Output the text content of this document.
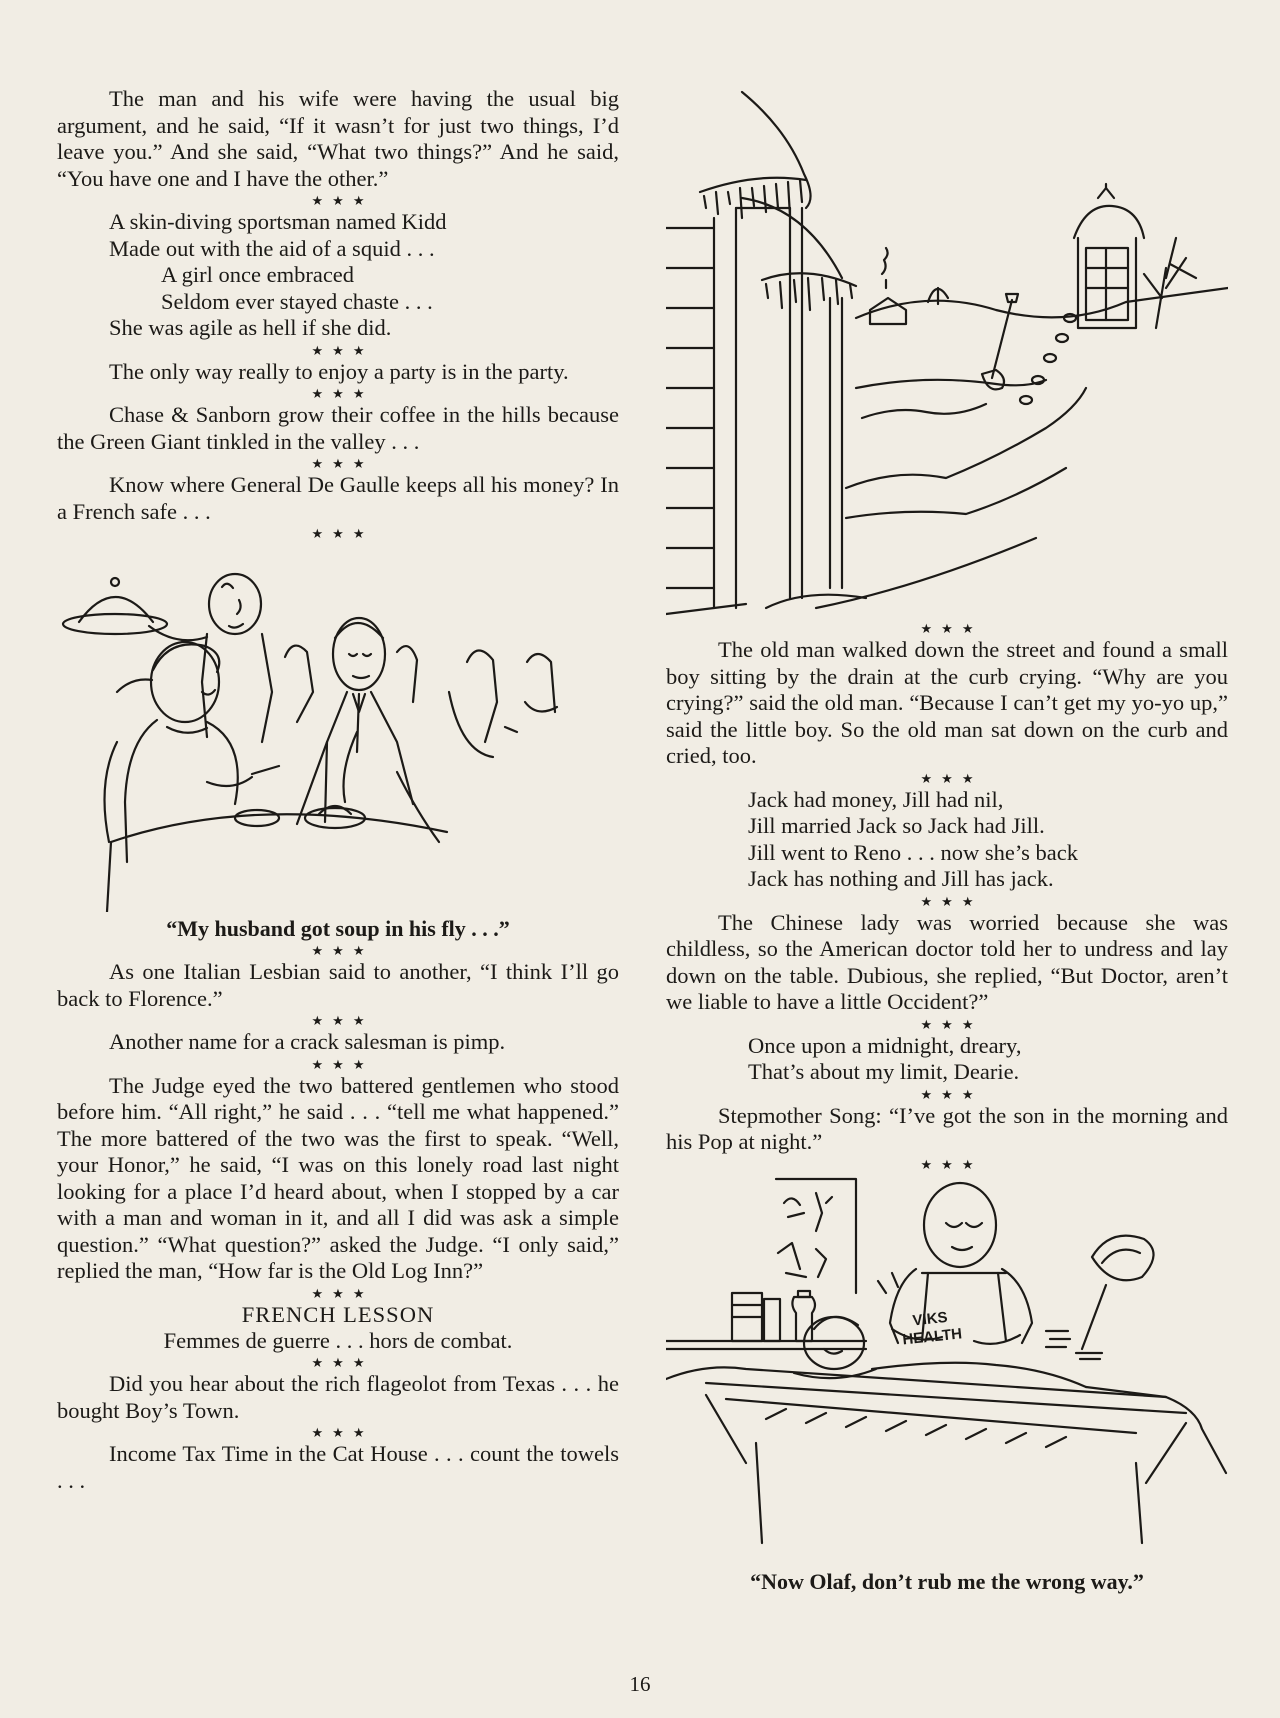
The man and his wife were having the usual big argument, and he said, “If it wasn’t for just two things, I’d leave you.” And she said, “What two things?” And he said, “You have one and I have the other.”

★★★
A skin-diving sportsman named Kidd
Made out with the aid of a squid . . .
A girl once embraced
Seldom ever stayed chaste . . .
She was agile as hell if she did.
★★★

The only way really to enjoy a party is in the party.

★★★

Chase & Sanborn grow their coffee in the hills because the Green Giant tinkled in the valley . . .

★★★

Know where General De Gaulle keeps all his money? In a French safe . . .

★★★

“My husband got soup in his fly . . .”

★★★

As one Italian Lesbian said to another, “I think I’ll go back to Florence.”

★★★

Another name for a crack salesman is pimp.

★★★

The Judge eyed the two battered gentlemen who stood before him. “All right,” he said . . . “tell me what happened.” The more battered of the two was the first to speak. “Well, your Honor,” he said, “I was on this lonely road last night looking for a place I’d heard about, when I stopped by a car with a man and woman in it, and all I did was ask a simple question.” “What question?” asked the Judge. “I only said,” replied the man, “How far is the Old Log Inn?”

★★★

FRENCH LESSON

Femmes de guerre . . . hors de combat.

★★★

Did you hear about the rich flageolot from Texas . . . he bought Boy’s Town.

★★★

Income Tax Time in the Cat House . . . count the towels . . .

★★★

The old man walked down the street and found a small boy sitting by the drain at the curb crying. “Why are you crying?” said the old man. “Because I can’t get my yo-yo up,” said the little boy. So the old man sat down on the curb and cried, too.

★★★
Jack had money, Jill had nil,
Jill married Jack so Jack had Jill.
Jill went to Reno . . . now she’s back
Jack has nothing and Jill has jack.
★★★

The Chinese lady was worried because she was childless, so the American doctor told her to undress and lay down on the table. Dubious, she replied, “But Doctor, aren’t we liable to have a little Occident?”

★★★
Once upon a midnight, dreary,
That’s about my limit, Dearie.
★★★

Stepmother Song: “I’ve got the son in the morning and his Pop at night.”

★★★
VIKS
HEALTH

“Now Olaf, don’t rub me the wrong way.”

16
